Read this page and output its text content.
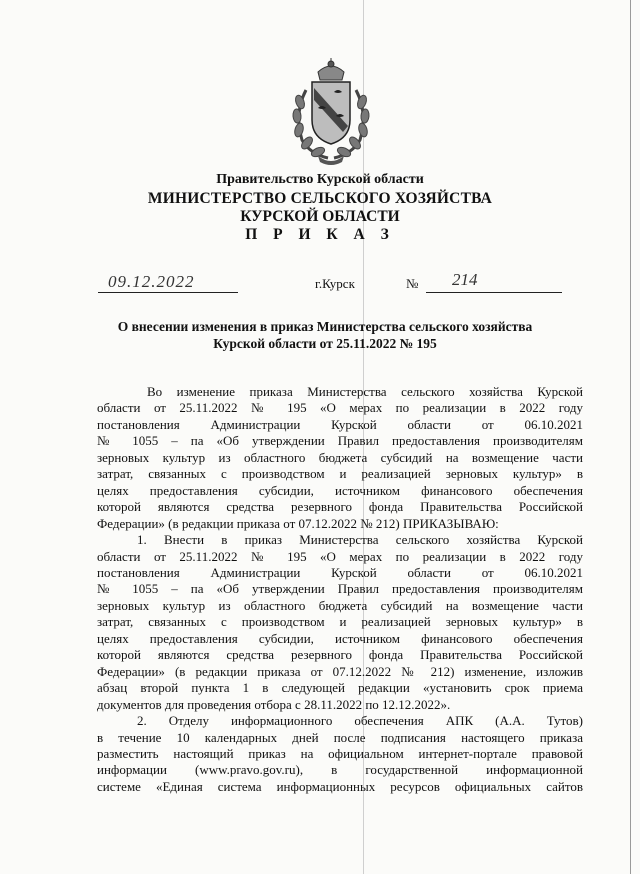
Правительство Курской области
МИНИСТЕРСТВО СЕЛЬСКОГО ХОЗЯЙСТВА
КУРСКОЙ ОБЛАСТИ
П Р И К А З
09.12.2022	г.Курск	№ 214
О внесении изменения в приказ Министерства сельского хозяйства
Курской области от 25.11.2022 № 195

Во изменение приказа Министерства сельского хозяйства Курской
области от 25.11.2022 № 195 «О мерах по реализации в 2022 году
постановления Администрации Курской области от 06.10.2021
№ 1055 – па «Об утверждении Правил предоставления производителям
зерновых культур из областного бюджета субсидий на возмещение части
затрат, связанных с производством и реализацией зерновых культур» в
целях предоставления субсидии, источником финансового обеспечения
которой являются средства резервного фонда Правительства Российской
Федерации» (в редакции приказа от 07.12.2022 № 212) ПРИКАЗЫВАЮ:

1. Внести в приказ Министерства сельского хозяйства Курской
области от 25.11.2022 № 195 «О мерах по реализации в 2022 году
постановления Администрации Курской области от 06.10.2021
№ 1055 – па «Об утверждении Правил предоставления производителям
зерновых культур из областного бюджета субсидий на возмещение части
затрат, связанных с производством и реализацией зерновых культур» в
целях предоставления субсидии, источником финансового обеспечения
которой являются средства резервного фонда Правительства Российской
Федерации» (в редакции приказа от 07.12.2022 № 212) изменение, изложив
абзац второй пункта 1 в следующей редакции «установить срок приема
документов для проведения отбора с 28.11.2022 по 12.12.2022».

2. Отделу информационного обеспечения АПК (А.А. Тутов)
в течение 10 календарных дней после подписания настоящего приказа
разместить настоящий приказ на официальном интернет-портале правовой
информации (www.pravo.gov.ru), в государственной информационной
системе «Единая система информационных ресурсов официальных сайтов
